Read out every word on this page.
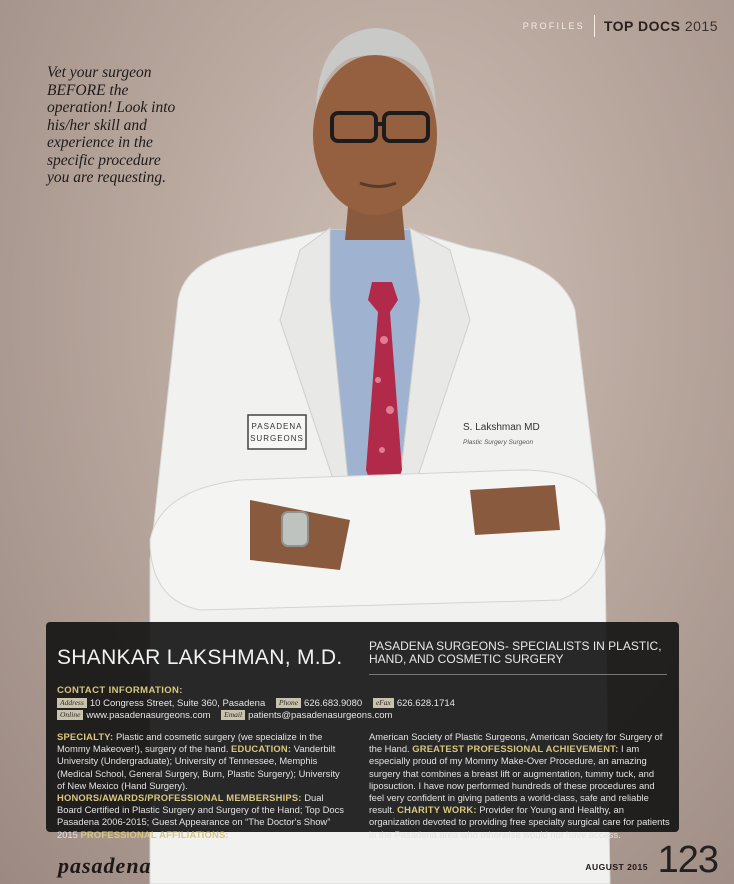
PASADENA
SURGEONS
S. Lakshman MD
Plastic Surgery Surgeon
PROFILES TOP DOCS 2015

Vet your surgeon BEFORE the operation! Look into his/her skill and experience in the specific procedure you are requesting.

SHANKAR LAKSHMAN, M.D. PASADENA SURGEONS- SPECIALISTS IN PLASTIC, HAND, AND COSMETIC SURGERY

CONTACT INFORMATION:
Address 10 Congress Street, Suite 360, Pasadena Phone 626.683.9080 eFax 626.628.1714
Online www.pasadenasurgeons.com Email patients@pasadenasurgeons.com

SPECIALTY: Plastic and cosmetic surgery (we specialize in the Mommy Makeover!), surgery of the hand. EDUCATION: Vanderbilt University (Undergraduate); University of Tennessee, Memphis (Medical School, General Surgery, Burn, Plastic Surgery); University of New Mexico (Hand Surgery). HONORS/AWARDS/PROFESSIONAL MEMBERSHIPS: Dual Board Certified in Plastic Surgery and Surgery of the Hand; Top Docs Pasadena 2006-2015; Guest Appearance on “The Doctor's Show” 2015 PROFESSIONAL AFFILIATIONS:

American Society of Plastic Surgeons, American Society for Surgery of the Hand. GREATEST PROFESSIONAL ACHIEVEMENT: I am especially proud of my Mommy Make-Over Procedure, an amazing surgery that combines a breast lift or augmentation, tummy tuck, and liposuction. I have now performed hundreds of these procedures and feel very confident in giving patients a world-class, safe and reliable result. CHARITY WORK: Provider for Young and Healthy, an organization devoted to providing free specialty surgical care for patients in the Pasadena area who otherwise would not have access.

pasadena	AUGUST 2015 123
